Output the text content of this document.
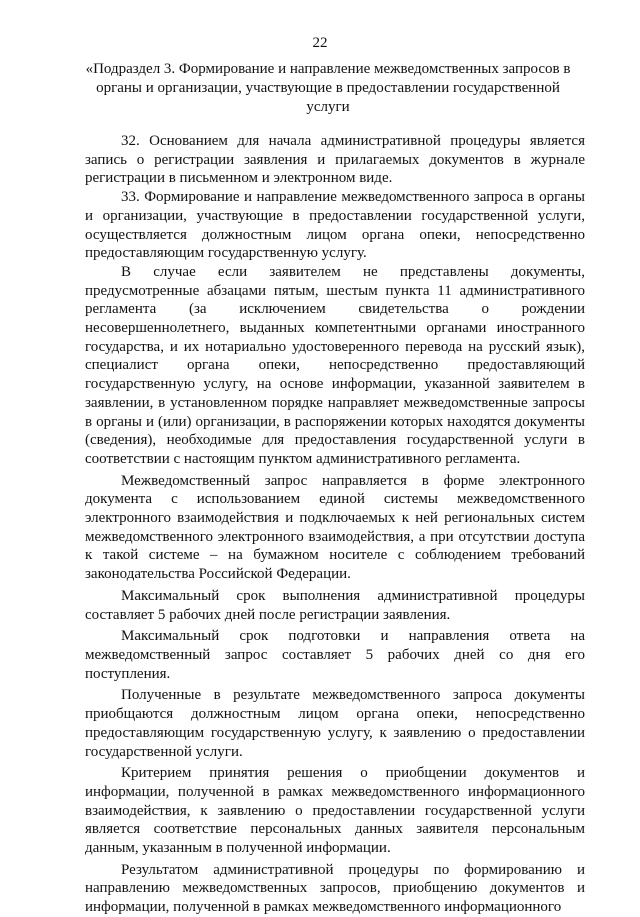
22
«Подраздел 3. Формирование и направление межведомственных запросов в органы и организации, участвующие в предоставлении государственной услуги

32. Основанием для начала административной процедуры является запись о регистрации заявления и прилагаемых документов в журнале регистрации в письменном и электронном виде.

33. Формирование и направление межведомственного запроса в органы и организации, участвующие в предоставлении государственной услуги, осуществляется должностным лицом органа опеки, непосредственно предоставляющим государственную услугу.

В случае если заявителем не представлены документы, предусмотренные абзацами пятым, шестым пункта 11 административного регламента (за исключением свидетельства о рождении несовершеннолетнего, выданных компетентными органами иностранного государства, и их нотариально удостоверенного перевода на русский язык), специалист органа опеки, непосредственно предоставляющий государственную услугу, на основе информации, указанной заявителем в заявлении, в установленном порядке направляет межведомственные запросы в органы и (или) организации, в распоряжении которых находятся документы (сведения), необходимые для предоставления государственной услуги в соответствии с настоящим пунктом административного регламента.

Межведомственный запрос направляется в форме электронного документа с использованием единой системы межведомственного электронного взаимодействия и подключаемых к ней региональных систем межведомственного электронного взаимодействия, а при отсутствии доступа к такой системе – на бумажном носителе с соблюдением требований законодательства Российской Федерации.

Максимальный срок выполнения административной процедуры составляет 5 рабочих дней после регистрации заявления.

Максимальный срок подготовки и направления ответа на межведомственный запрос составляет 5 рабочих дней со дня его поступления.

Полученные в результате межведомственного запроса документы приобщаются должностным лицом органа опеки, непосредственно предоставляющим государственную услугу, к заявлению о предоставлении государственной услуги.

Критерием принятия решения о приобщении документов и информации, полученной в рамках межведомственного информационного взаимодействия, к заявлению о предоставлении государственной услуги является соответствие персональных данных заявителя персональным данным, указанным в полученной информации.

Результатом административной процедуры по формированию и направлению межведомственных запросов, приобщению документов и информации, полученной в рамках межведомственного информационного
